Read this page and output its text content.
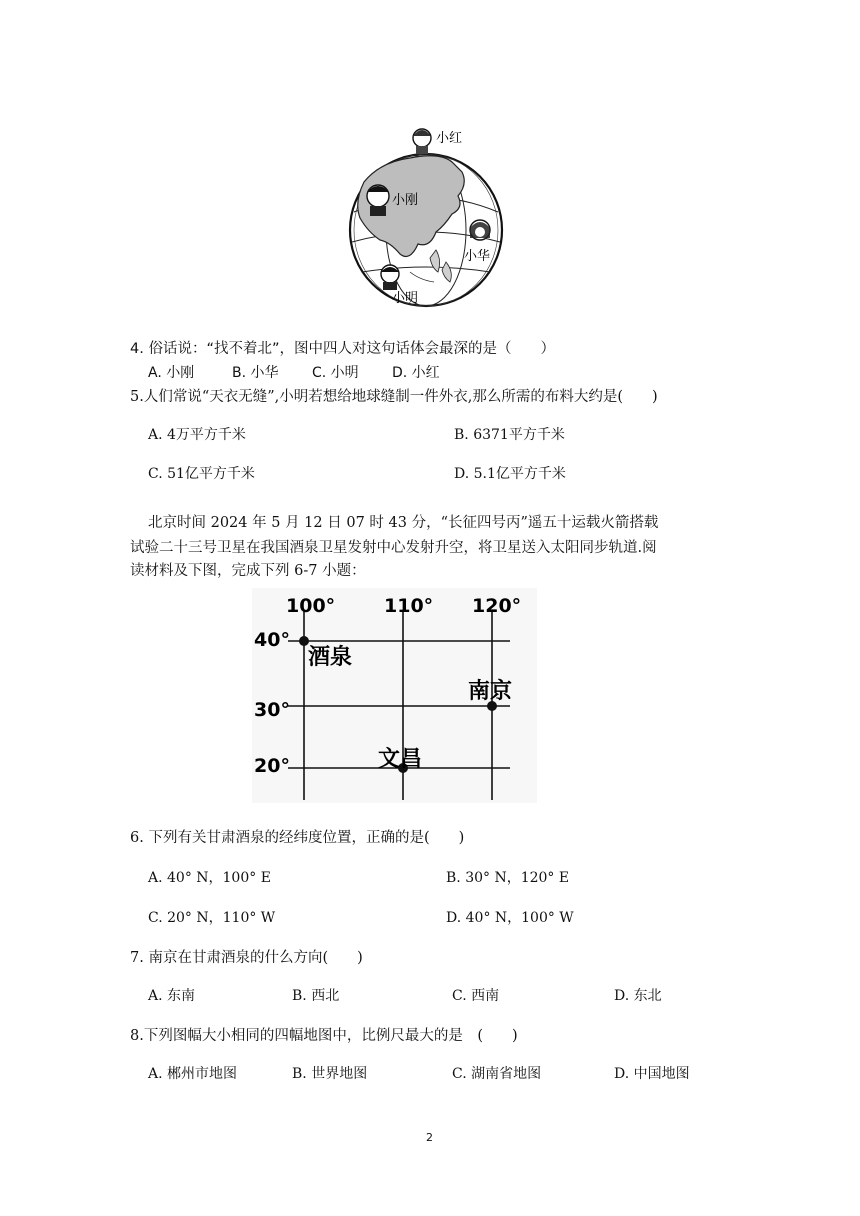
小红
小刚
小华
小明
4. 俗话说：“找不着北”，图中四人对这句话体会最深的是（　　）
A. 小刚	B. 小华 C. 小明 D. 小红
5.人们常说“天衣无缝”,小明若想给地球缝制一件外衣,那么所需的布料大约是(　　)
A. 4万平方千米	B. 6371平方千米
C. 51亿平方千米	D. 5.1亿平方千米
北京时间 2024 年 5 月 12 日 07 时 43 分，“长征四号丙”遥五十运载火箭搭载
试验二十三号卫星在我国酒泉卫星发射中心发射升空，将卫星送入太阳同步轨道.阅
读材料及下图，完成下列 6-7 小题：
100°	110° 120°
40°
30°
20°
酒泉
南京
文昌
6. 下列有关甘肃酒泉的经纬度位置，正确的是(　　)
A. 40° N，100° E	B. 30° N，120° E
C. 20° N，110° W	D. 40° N，100° W
7. 南京在甘肃酒泉的什么方向(　　)
A. 东南	B. 西北	C. 西南	D. 东北
8.下列图幅大小相同的四幅地图中，比例尺最大的是　(　　)
A. 郴州市地图	B. 世界地图	C. 湖南省地图	D. 中国地图
2
